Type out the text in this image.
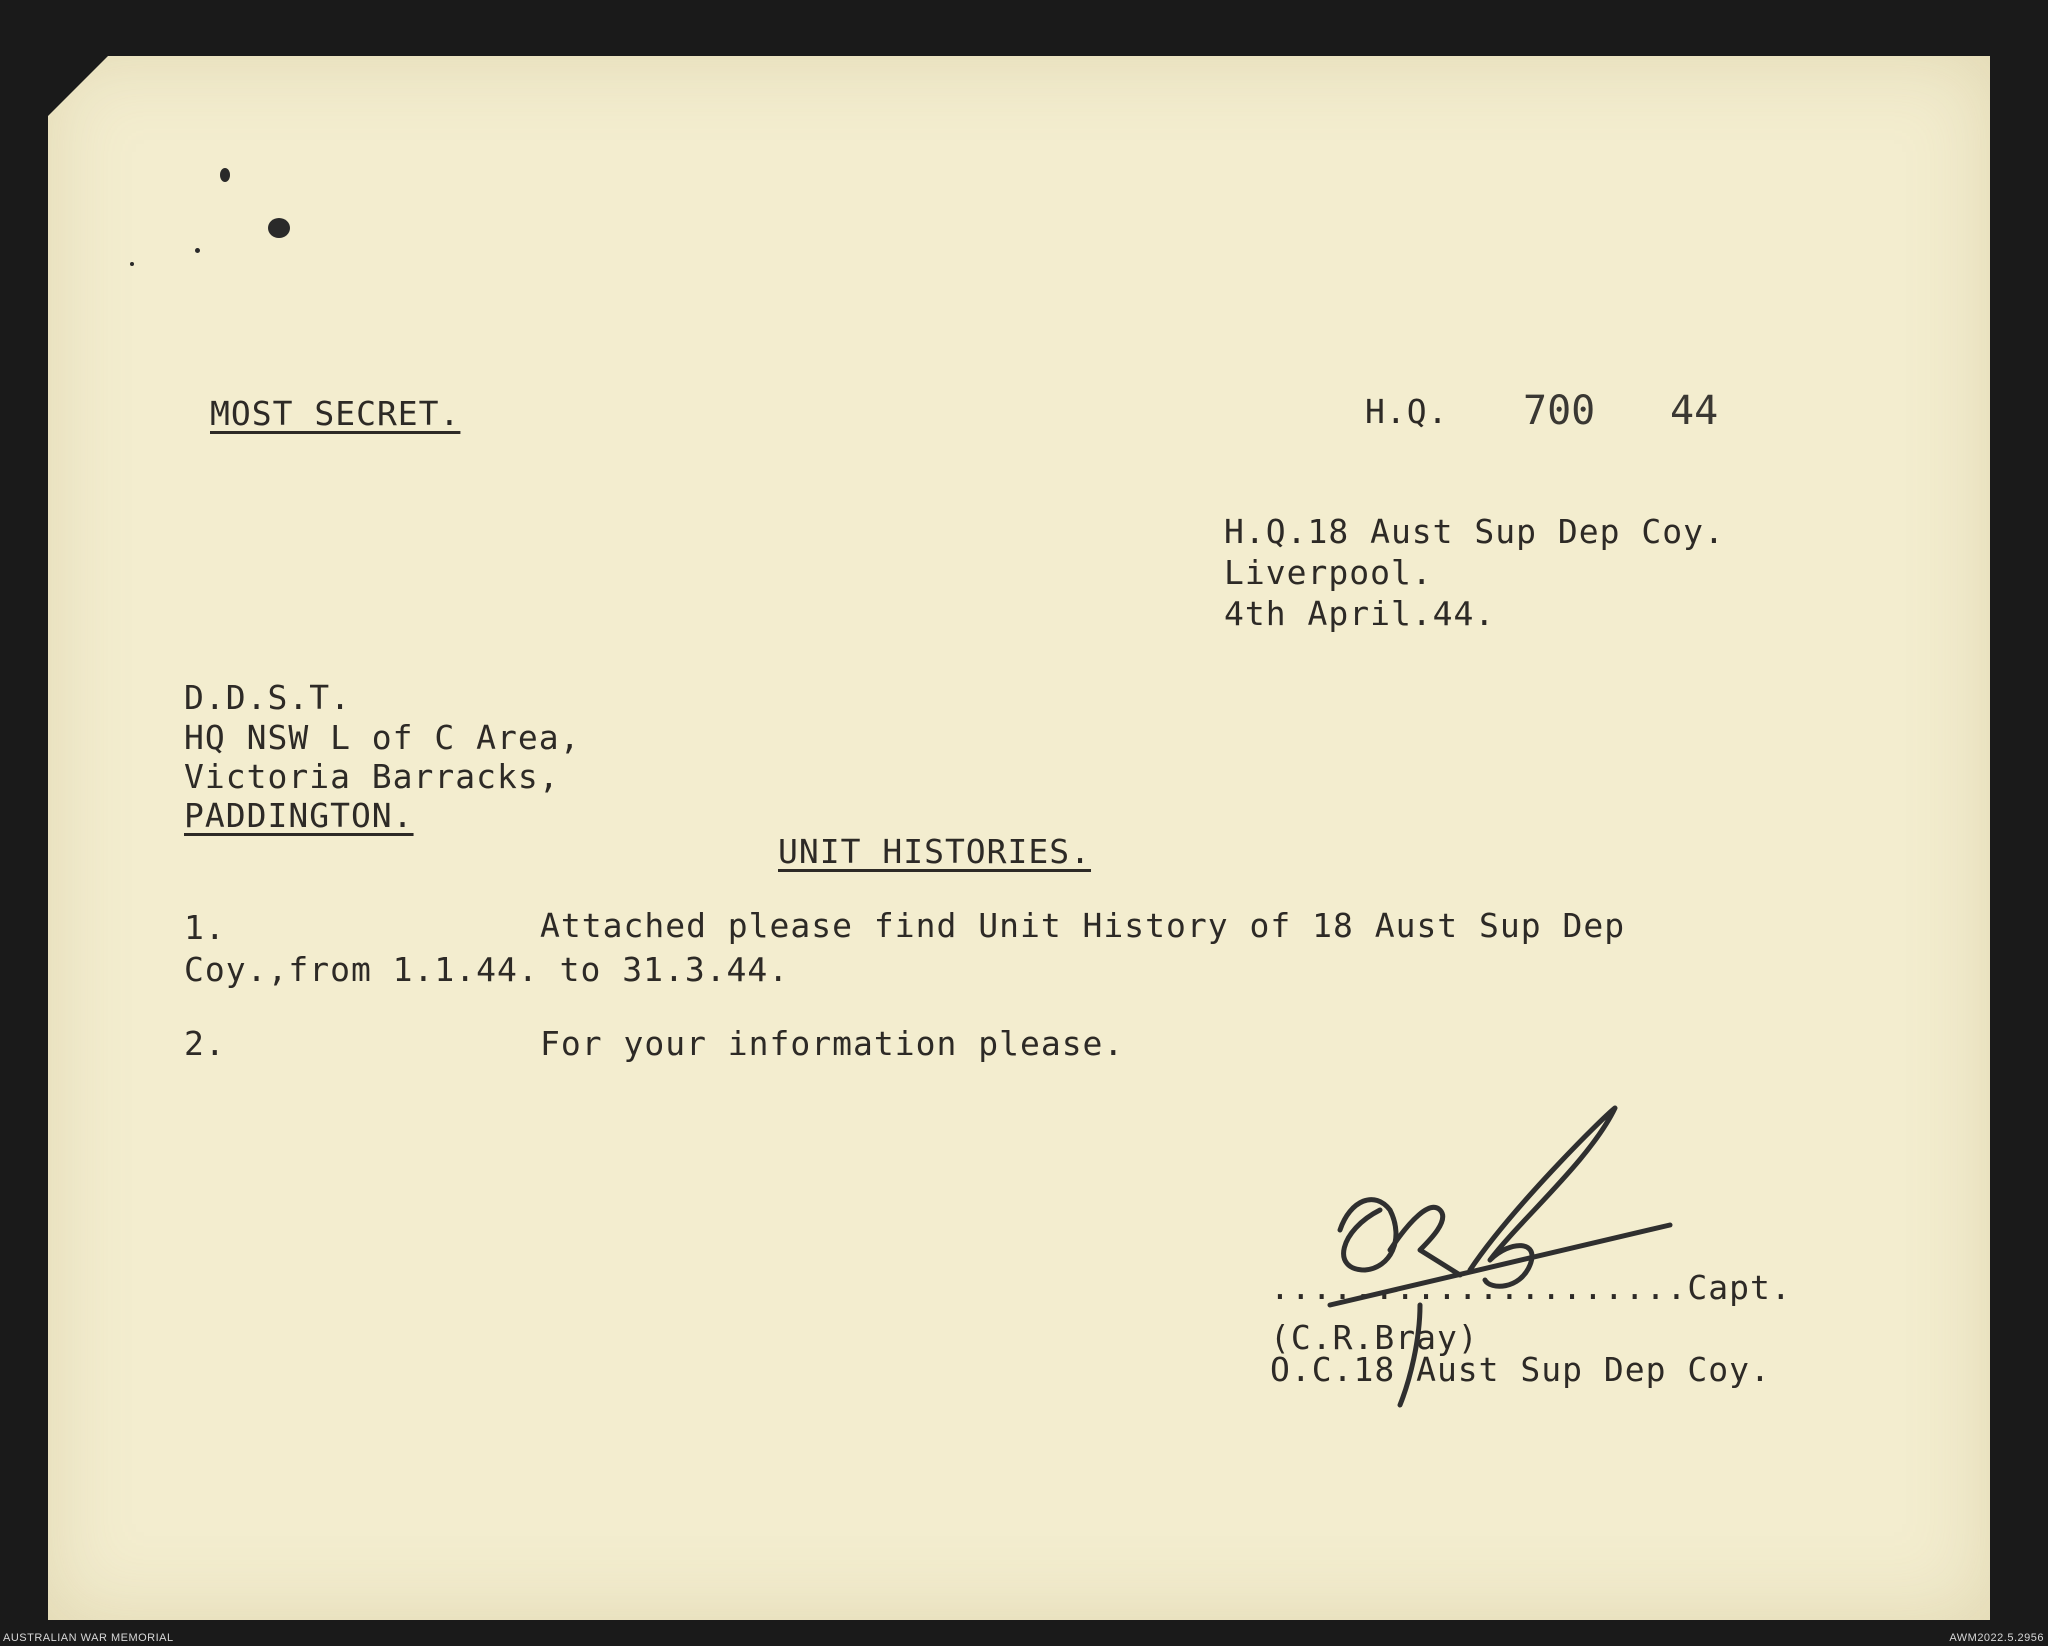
MOST SECRET.	H.Q. 700 44
H.Q.18 Aust Sup Dep Coy.
Liverpool.
4th April.44.
D.D.S.T.
HQ NSW L of C Area,
Victoria Barracks,
PADDINGTON.
UNIT HISTORIES.
1.	Attached please find Unit History of 18 Aust Sup Dep
Coy.,from 1.1.44. to 31.3.44.
2.	For your information please.
....................Capt.
(C.R.Bray)
O.C.18 Aust Sup Dep Coy.
AUSTRALIAN WAR MEMORIAL	AWM2022.5.2956
